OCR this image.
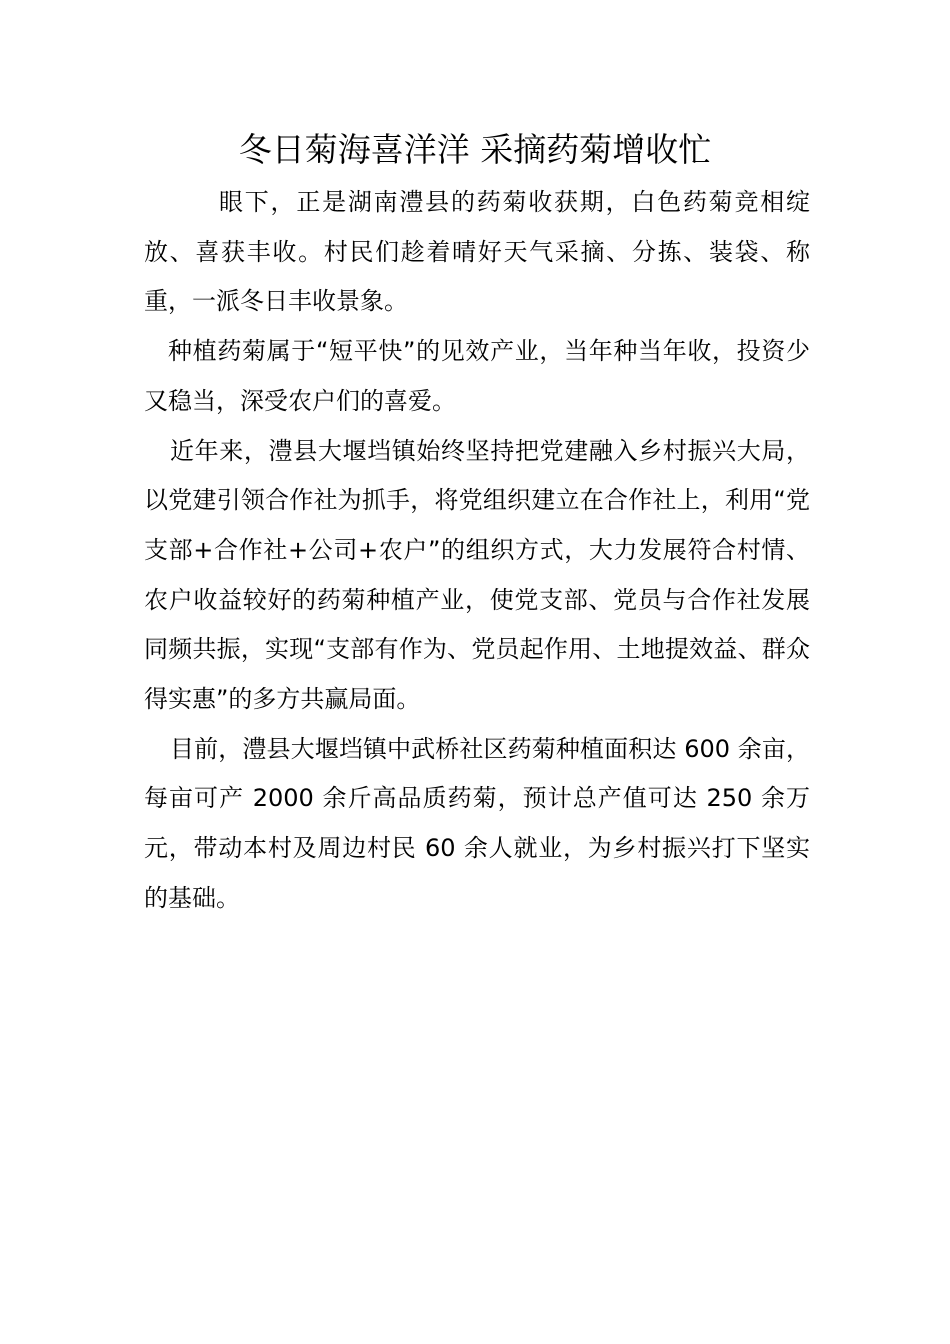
冬日菊海喜洋洋 采摘药菊增收忙

眼下，正是湖南澧县的药菊收获期，白色药菊竞相绽放、喜获丰收。村民们趁着晴好天气采摘、分拣、装袋、称重，一派冬日丰收景象。

种植药菊属于“短平快”的见效产业，当年种当年收，投资少又稳当，深受农户们的喜爱。

近年来，澧县大堰垱镇始终坚持把党建融入乡村振兴大局，以党建引领合作社为抓手，将党组织建立在合作社上，利用“党支部+合作社+公司+农户”的组织方式，大力发展符合村情、农户收益较好的药菊种植产业，使党支部、党员与合作社发展同频共振，实现“支部有作为、党员起作用、土地提效益、群众得实惠”的多方共赢局面。

目前，澧县大堰垱镇中武桥社区药菊种植面积达 600 余亩，每亩可产 2000 余斤高品质药菊，预计总产值可达 250 余万元，带动本村及周边村民 60 余人就业，为乡村振兴打下坚实的基础。
